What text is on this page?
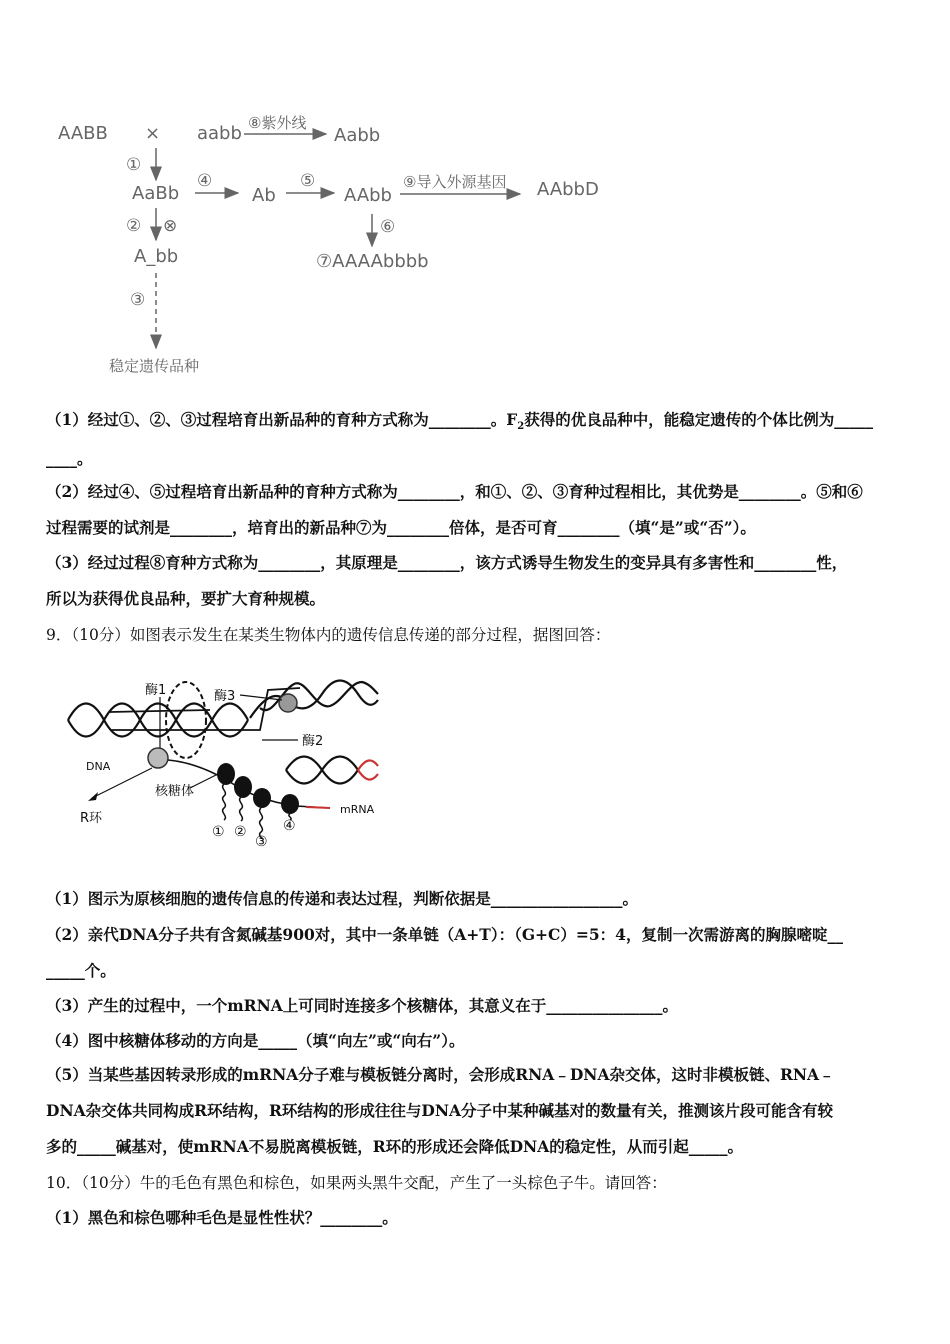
AABB × aabb ⑧紫外线
Aabb
①
AaBb
④
Ab
⑤
AAbb
⑨导入外源基因 AAbbD
② ⊗	⑥
A_bb	⑦AAAAbbbb
③
稳定遗传品种
（1）经过①、②、③过程培育出新品种的育种方式称为________。$F_2$获得的优良品种中，能稳定遗传的个体比例为_____
____。
（2）经过④、⑤过程培育出新品种的育种方式称为________，和①、②、③育种过程相比，其优势是________。⑤和⑥
过程需要的试剂是________，培育出的新品种⑦为________倍体，是否可育________（填“是”或“否”）。
（3）经过过程⑧育种方式称为________，其原理是________，该方式诱导生物发生的变异具有多害性和________性，
所以为获得优良品种，要扩大育种规模。
9．（10分）如图表示发生在某类生物体内的遗传信息传递的部分过程，据图回答：
酶1	酶3
酶2
DNA
核糖体
R环
mRNA
① ②
③
④
（1）图示为原核细胞的遗传信息的传递和表达过程，判断依据是_________________。
（2）亲代DNA分子共有含氮碱基900对，其中一条单链（A+T）：（G+C）=5：4，复制一次需游离的胸腺嘧啶__
_____个。
（3）产生的过程中，一个mRNA上可同时连接多个核糖体，其意义在于_______________。
（4）图中核糖体移动的方向是_____（填“向左”或“向右”）。
（5）当某些基因转录形成的mRNA分子难与模板链分离时，会形成RNA﹣DNA杂交体，这时非模板链、RNA﹣
DNA杂交体共同构成R环结构，R环结构的形成往往与DNA分子中某种碱基对的数量有关，推测该片段可能含有较
多的_____碱基对，使mRNA不易脱离模板链，R环的形成还会降低DNA的稳定性，从而引起_____。
10．（10分）牛的毛色有黑色和棕色，如果两头黑牛交配，产生了一头棕色子牛。请回答：
（1）黑色和棕色哪种毛色是显性性状？________。
